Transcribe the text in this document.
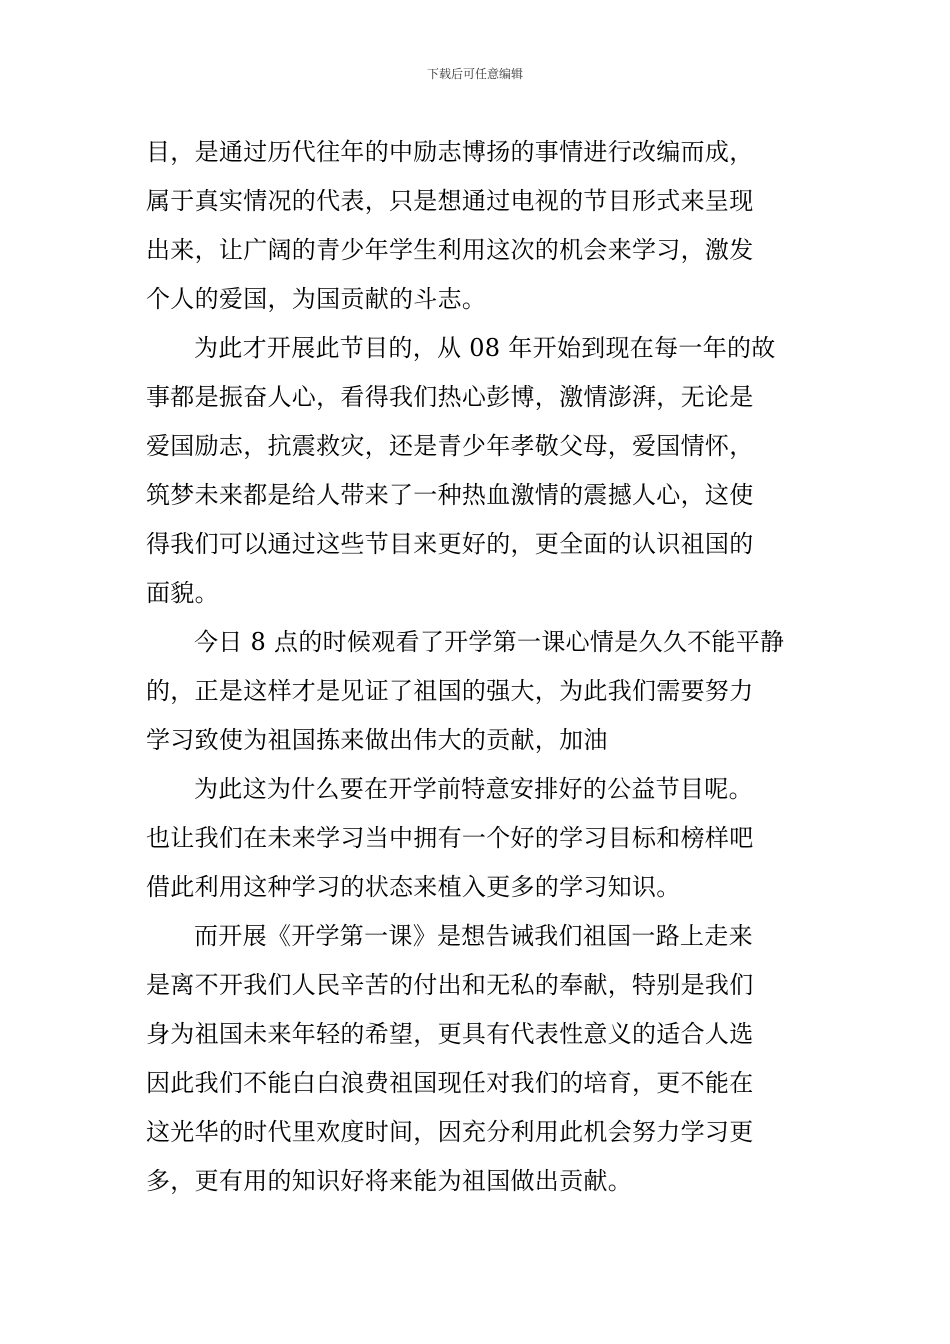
下载后可任意编辑
目，是通过历代往年的中励志博扬的事情进行改编而成，
属于真实情况的代表，只是想通过电视的节目形式来呈现
出来，让广阔的青少年学生利用这次的机会来学习，激发
个人的爱国，为国贡献的斗志。
为此才开展此节目的，从 08 年开始到现在每一年的故
事都是振奋人心，看得我们热心彭博，激情澎湃，无论是
爱国励志，抗震救灾，还是青少年孝敬父母，爱国情怀，
筑梦未来都是给人带来了一种热血激情的震撼人心，这使
得我们可以通过这些节目来更好的，更全面的认识祖国的
面貌。
今日 8 点的时候观看了开学第一课心情是久久不能平静
的，正是这样才是见证了祖国的强大，为此我们需要努力
学习致使为祖国拣来做出伟大的贡献，加油
为此这为什么要在开学前特意安排好的公益节目呢。
也让我们在未来学习当中拥有一个好的学习目标和榜样吧
借此利用这种学习的状态来植入更多的学习知识。
而开展《开学第一课》是想告诫我们祖国一路上走来
是离不开我们人民辛苦的付出和无私的奉献，特别是我们
身为祖国未来年轻的希望，更具有代表性意义的适合人选
因此我们不能白白浪费祖国现任对我们的培育，更不能在
这光华的时代里欢度时间，因充分利用此机会努力学习更
多，更有用的知识好将来能为祖国做出贡献。
